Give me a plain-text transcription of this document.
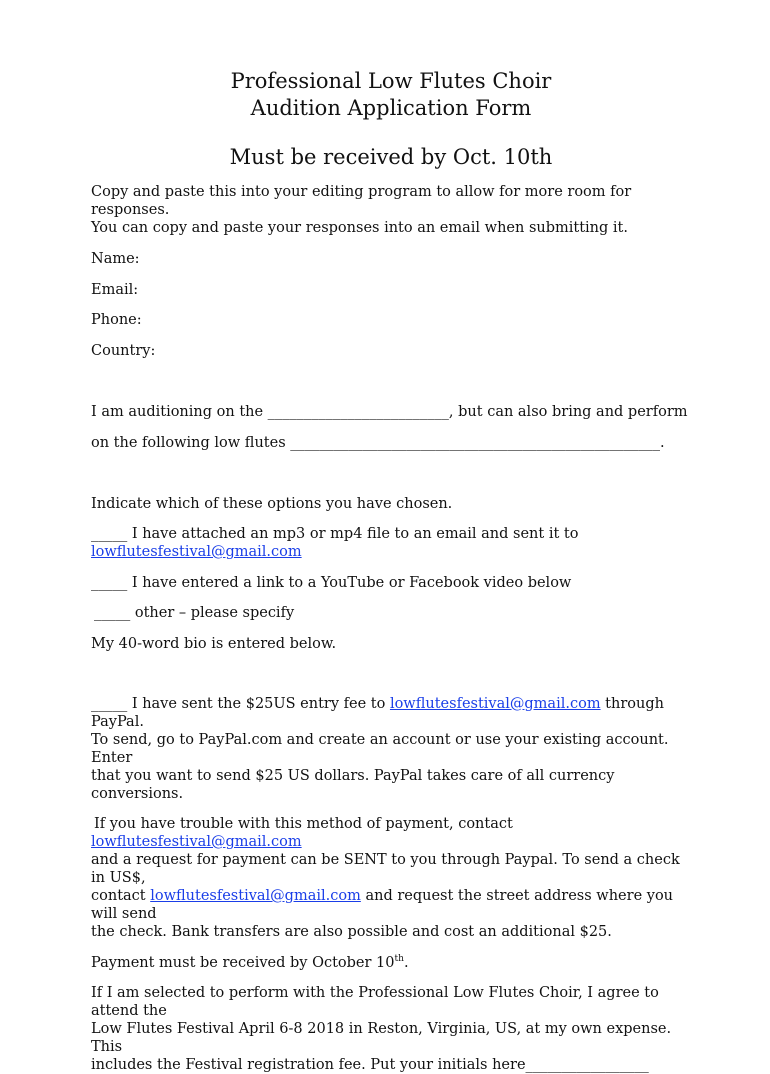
Professional Low Flutes Choir
Audition Application Form
Must be received by Oct. 10th

Copy and paste this into your editing program to allow for more room for responses.
You can copy and paste your responses into an email when submitting it.

Name:

Email:

Phone:

Country:

I am auditioning on the _________________________, but can also bring and perform

on the following low flutes ___________________________________________________.

Indicate which of these options you have chosen.

_____ I have attached an mp3 or mp4 file to an email and sent it to
lowflutesfestival@gmail.com

_____ I have entered a link to a YouTube or Facebook video below

_____ other – please specify

My 40-word bio is entered below.

_____ I have sent the $25US entry fee to lowflutesfestival@gmail.com through PayPal.
To send, go to PayPal.com and create an account or use your existing account. Enter
that you want to send $25 US dollars. PayPal takes care of all currency conversions.

If you have trouble with this method of payment, contact lowflutesfestival@gmail.com
and a request for payment can be SENT to you through Paypal. To send a check in US$,
contact lowflutesfestival@gmail.com and request the street address where you will send
the check. Bank transfers are also possible and cost an additional $25.

Payment must be received by October 10th.

If I am selected to perform with the Professional Low Flutes Choir, I agree to attend the
Low Flutes Festival April 6-8 2018 in Reston, Virginia, US, at my own expense. This
includes the Festival registration fee. Put your initials here_________________
